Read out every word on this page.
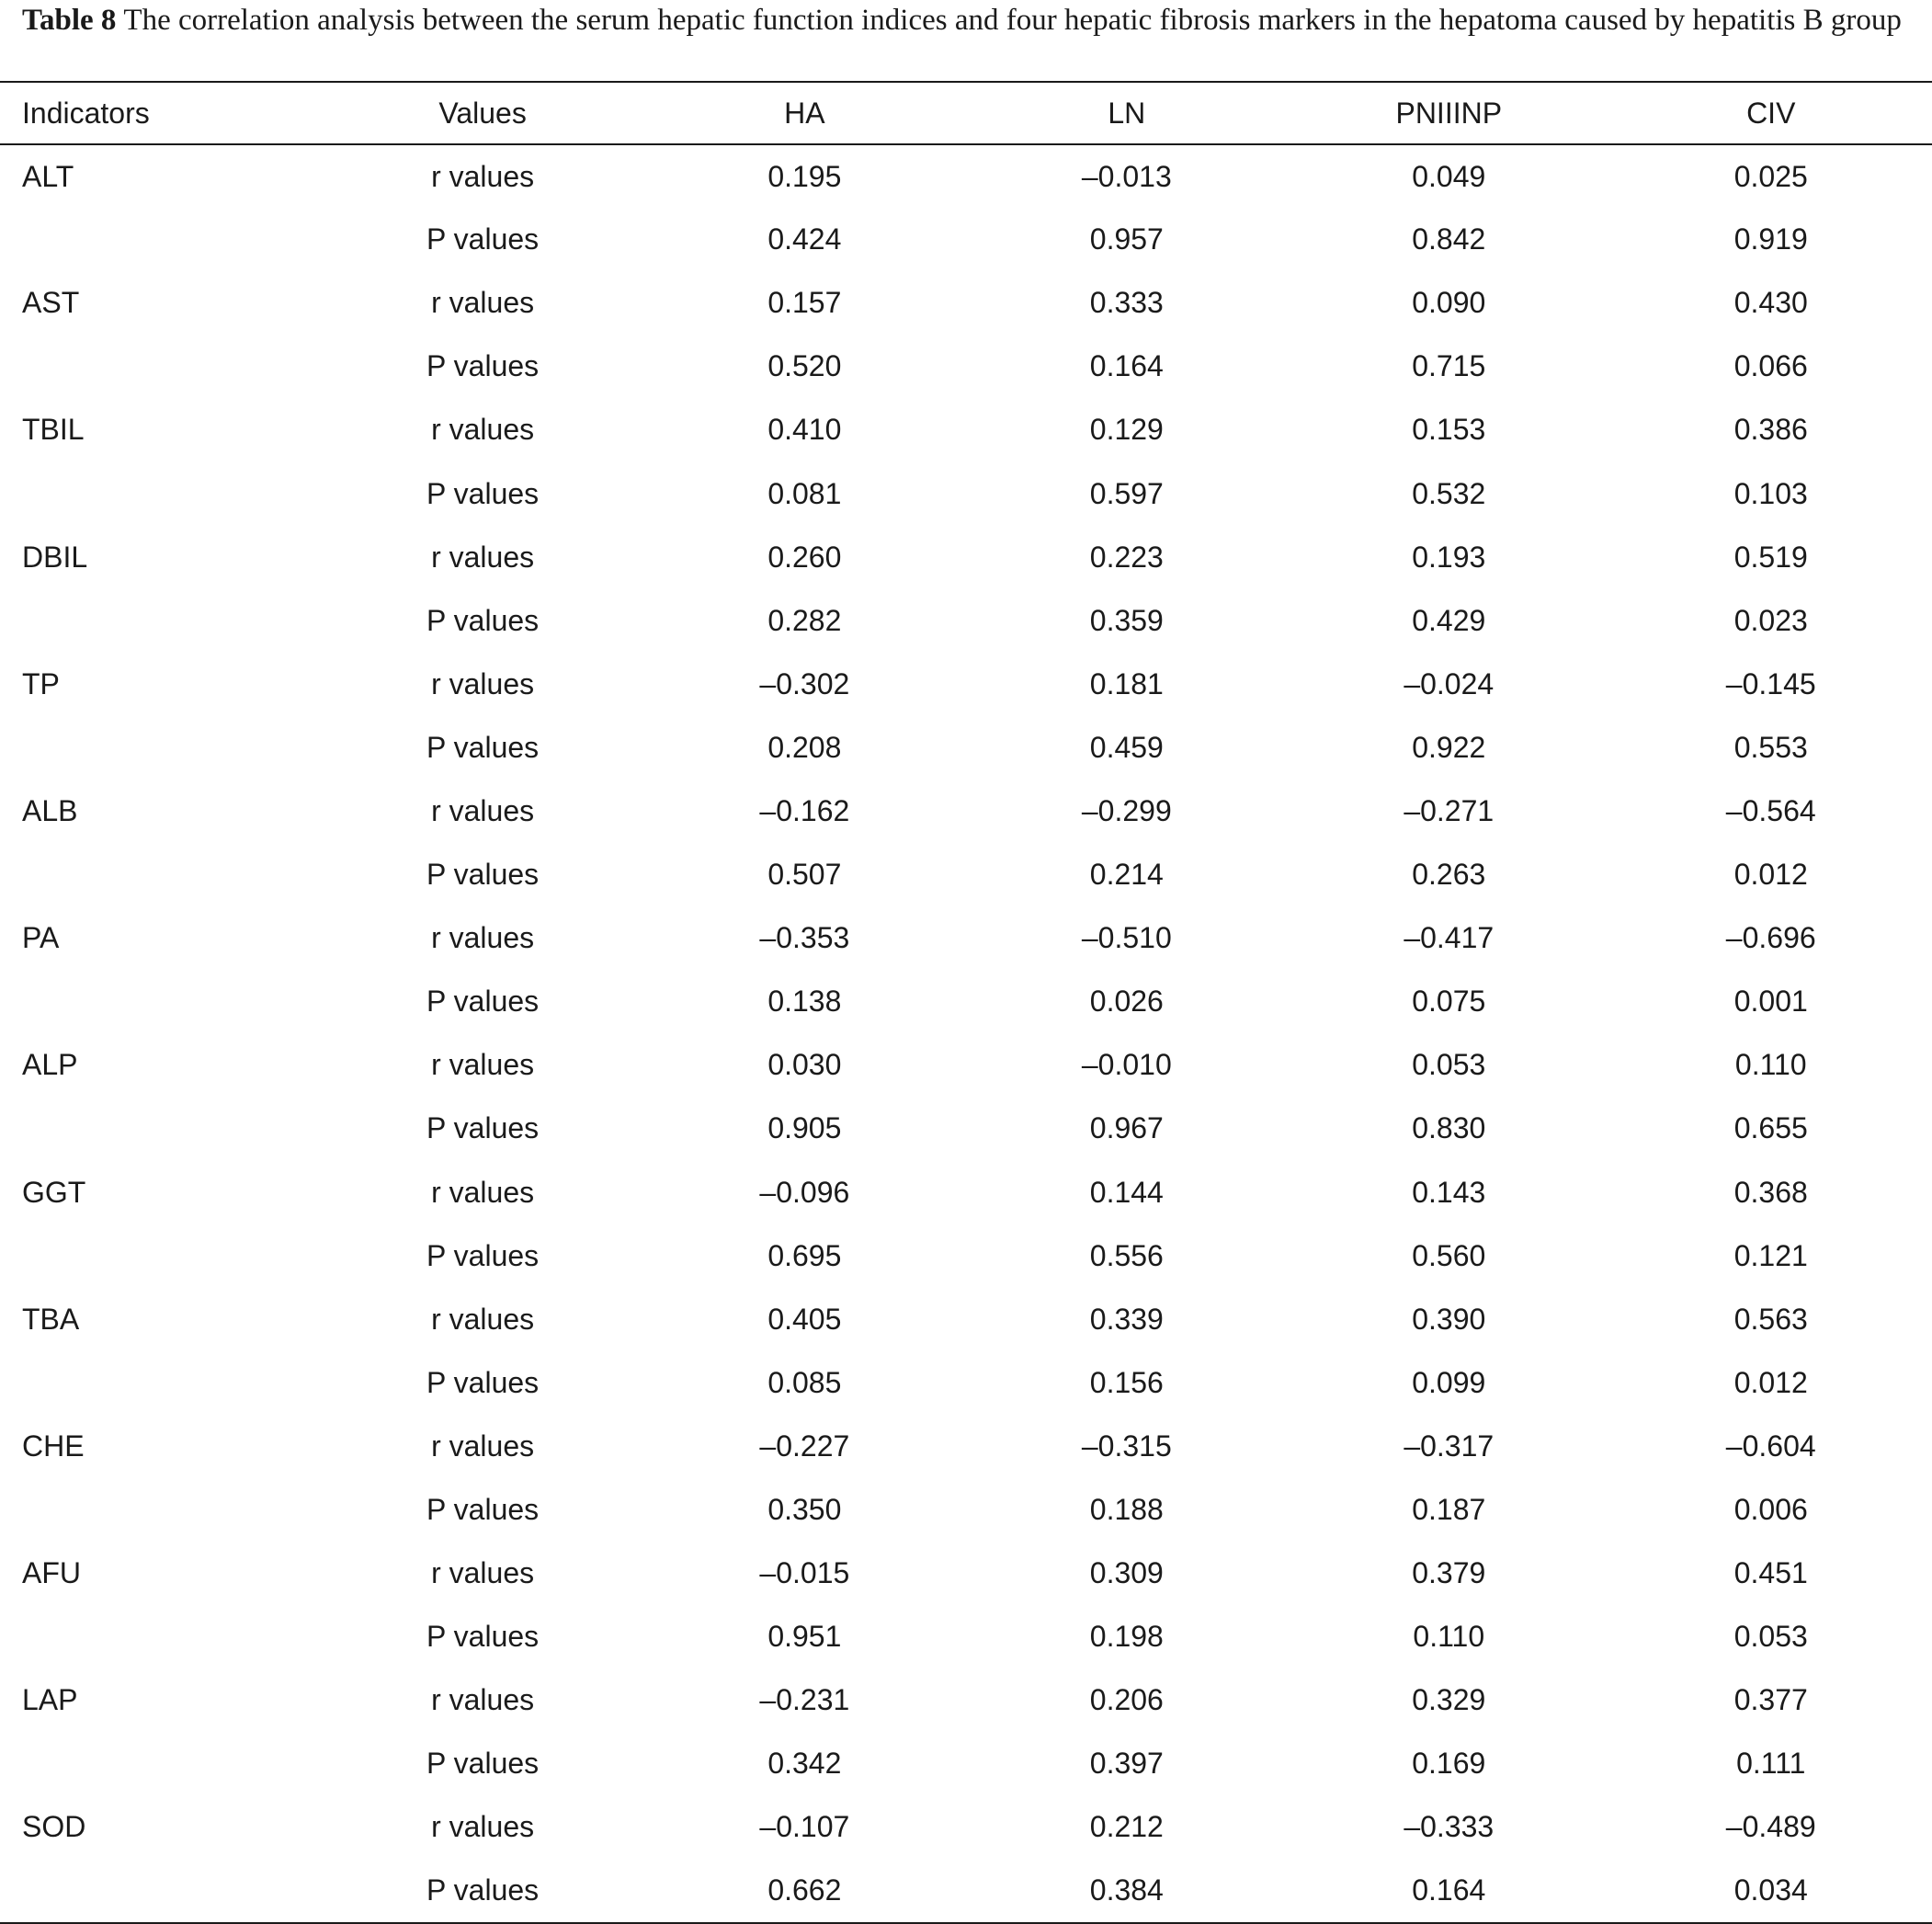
Table 8 The correlation analysis between the serum hepatic function indices and four hepatic fibrosis markers in the hepatoma caused by hepatitis B group
Indicators	Values	HA	LN	PNIIINP	CIV
ALT	r values	0.195	–0.013	0.049	0.025
	P values	0.424	0.957	0.842	0.919
AST	r values	0.157	0.333	0.090	0.430
	P values	0.520	0.164	0.715	0.066
TBIL	r values	0.410	0.129	0.153	0.386
	P values	0.081	0.597	0.532	0.103
DBIL	r values	0.260	0.223	0.193	0.519
	P values	0.282	0.359	0.429	0.023
TP	r values	–0.302	0.181	–0.024	–0.145
	P values	0.208	0.459	0.922	0.553
ALB	r values	–0.162	–0.299	–0.271	–0.564
	P values	0.507	0.214	0.263	0.012
PA	r values	–0.353	–0.510	–0.417	–0.696
	P values	0.138	0.026	0.075	0.001
ALP	r values	0.030	–0.010	0.053	0.110
	P values	0.905	0.967	0.830	0.655
GGT	r values	–0.096	0.144	0.143	0.368
	P values	0.695	0.556	0.560	0.121
TBA	r values	0.405	0.339	0.390	0.563
	P values	0.085	0.156	0.099	0.012
CHE	r values	–0.227	–0.315	–0.317	–0.604
	P values	0.350	0.188	0.187	0.006
AFU	r values	–0.015	0.309	0.379	0.451
	P values	0.951	0.198	0.110	0.053
LAP	r values	–0.231	0.206	0.329	0.377
	P values	0.342	0.397	0.169	0.111
SOD	r values	–0.107	0.212	–0.333	–0.489
	P values	0.662	0.384	0.164	0.034
